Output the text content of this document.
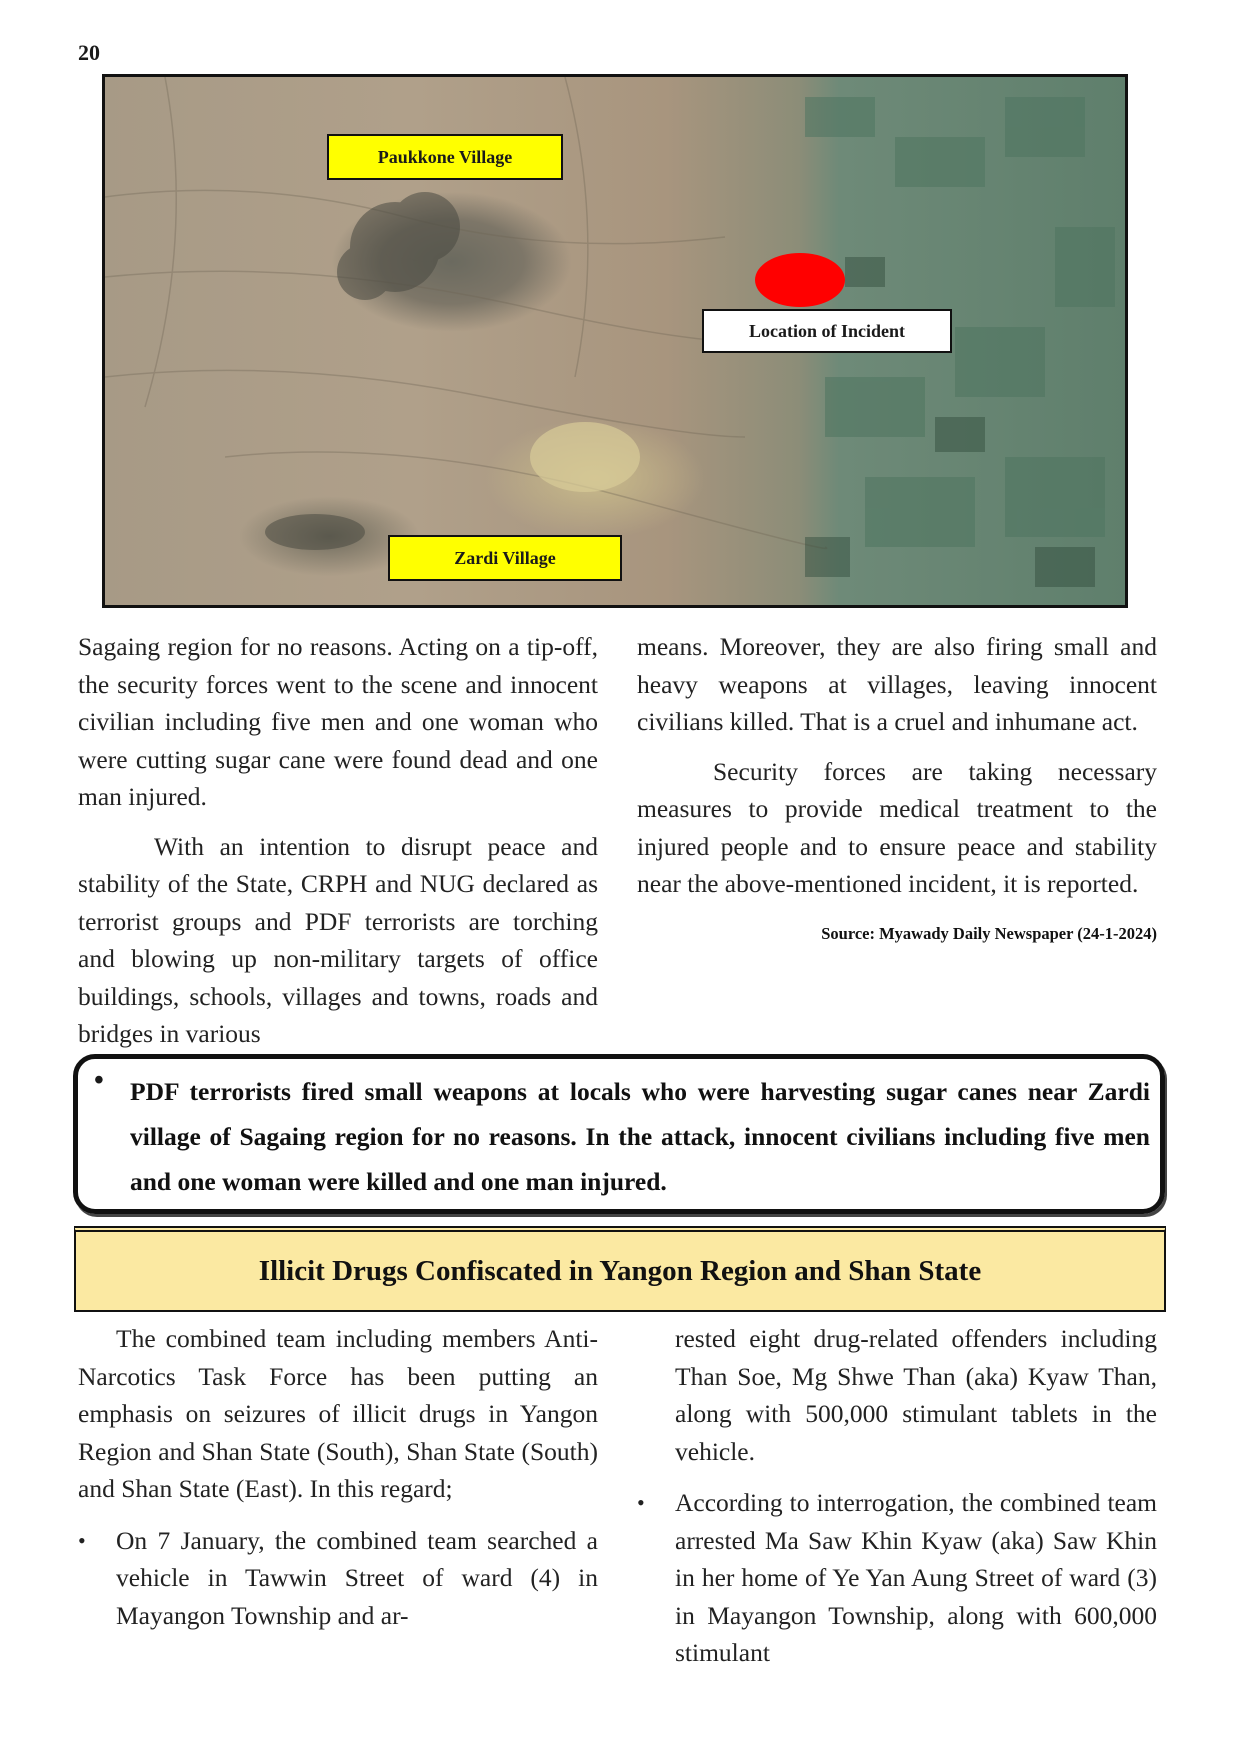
20
Paukkone Village
Location of Incident
Zardi Village

Sagaing region for no reasons. Acting on a tip-off, the security forces went to the scene and innocent civilian including five men and one woman who were cutting sugar cane were found dead and one man injured.

With an intention to disrupt peace and stability of the State, CRPH and NUG declared as terrorist groups and PDF terrorists are torching and blowing up non-military targets of office buildings, schools, villages and towns, roads and bridges in various

means. Moreover, they are also firing small and heavy weapons at villages, leaving innocent civilians killed. That is a cruel and inhumane act.

Security forces are taking necessary measures to provide medical treatment to the injured people and to ensure peace and stability near the above-mentioned incident, it is reported.

Source: Myawady Daily Newspaper (24-1-2024)

• PDF terrorists fired small weapons at locals who were harvesting sugar canes near Zardi village of Sagaing region for no reasons. In the attack, innocent civilians including five men and one woman were killed and one man injured.
Illicit Drugs Confiscated in Yangon Region and Shan State

The combined team including members Anti-Narcotics Task Force has been putting an emphasis on seizures of illicit drugs in Yangon Region and Shan State (South), Shan State (South) and Shan State (East). In this regard;

• On 7 January, the combined team searched a vehicle in Tawwin Street of ward (4) in Mayangon Township and ar-

rested eight drug-related offenders including Than Soe, Mg Shwe Than (aka) Kyaw Than, along with 500,000 stimulant tablets in the vehicle.

• According to interrogation, the combined team arrested Ma Saw Khin Kyaw (aka) Saw Khin in her home of Ye Yan Aung Street of ward (3) in Mayangon Township, along with 600,000 stimulant
